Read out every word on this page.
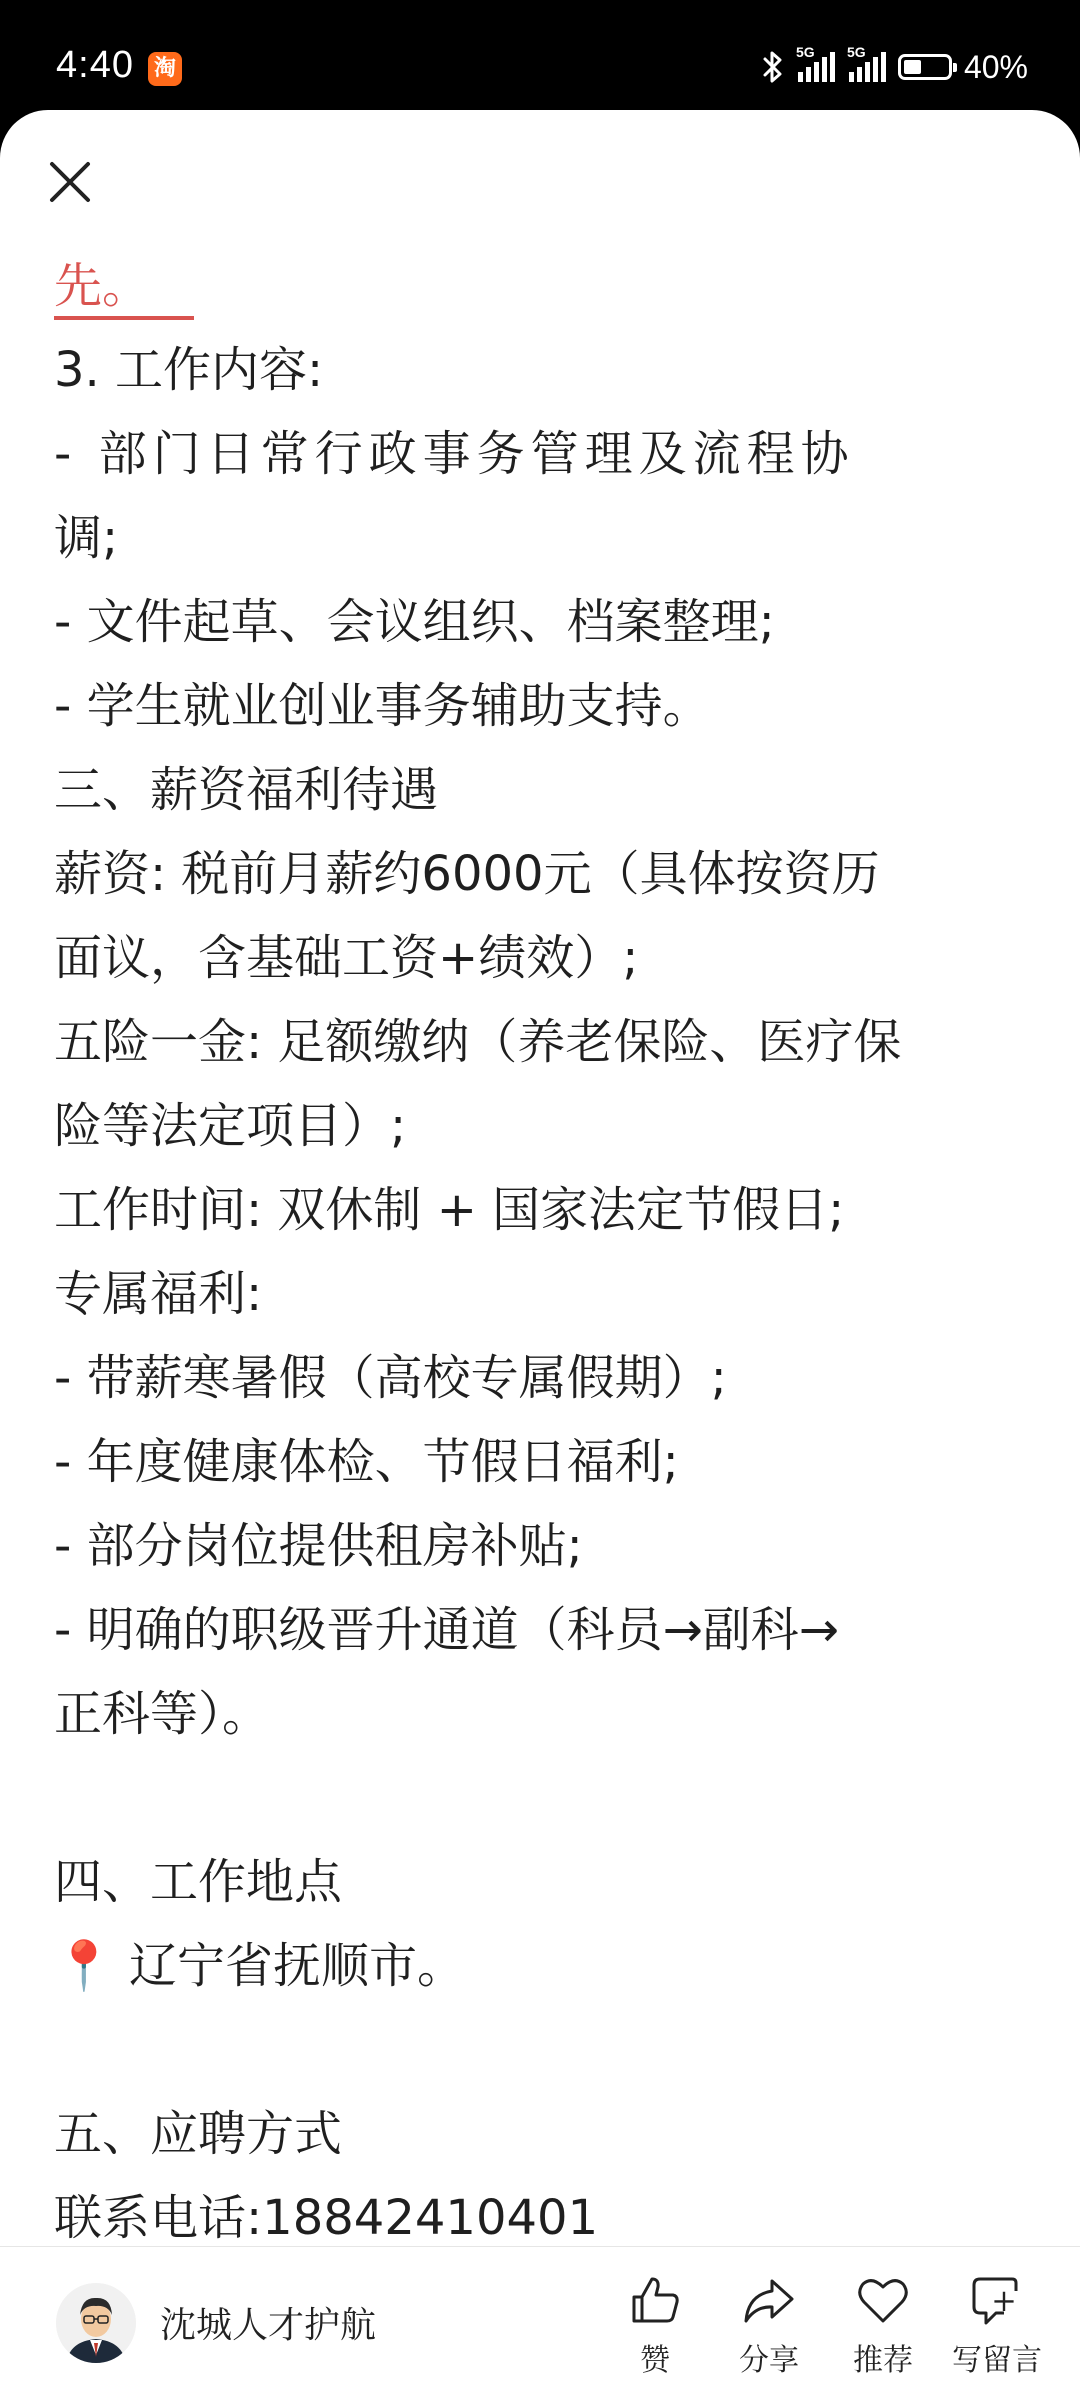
4:40 淘
5G 5G	40%
先。
3. 工作内容:
- 部门日常行政事务管理及流程协
调;
- 文件起草、会议组织、档案整理;
- 学生就业创业事务辅助支持。
三、薪资福利待遇
薪资: 税前月薪约6000元（具体按资历
面议，含基础工资+绩效）;
五险一金: 足额缴纳（养老保险、医疗保
险等法定项目）;
工作时间: 双休制 + 国家法定节假日;
专属福利:
- 带薪寒暑假（高校专属假期）;
- 年度健康体检、节假日福利;
- 部分岗位提供租房补贴;
- 明确的职级晋升通道（科员→副科→
正科等）。
四、工作地点
📍 辽宁省抚顺市。
五、应聘方式
联系电话:18842410401
沈城人才护航
赞 分享 推荐 写留言
